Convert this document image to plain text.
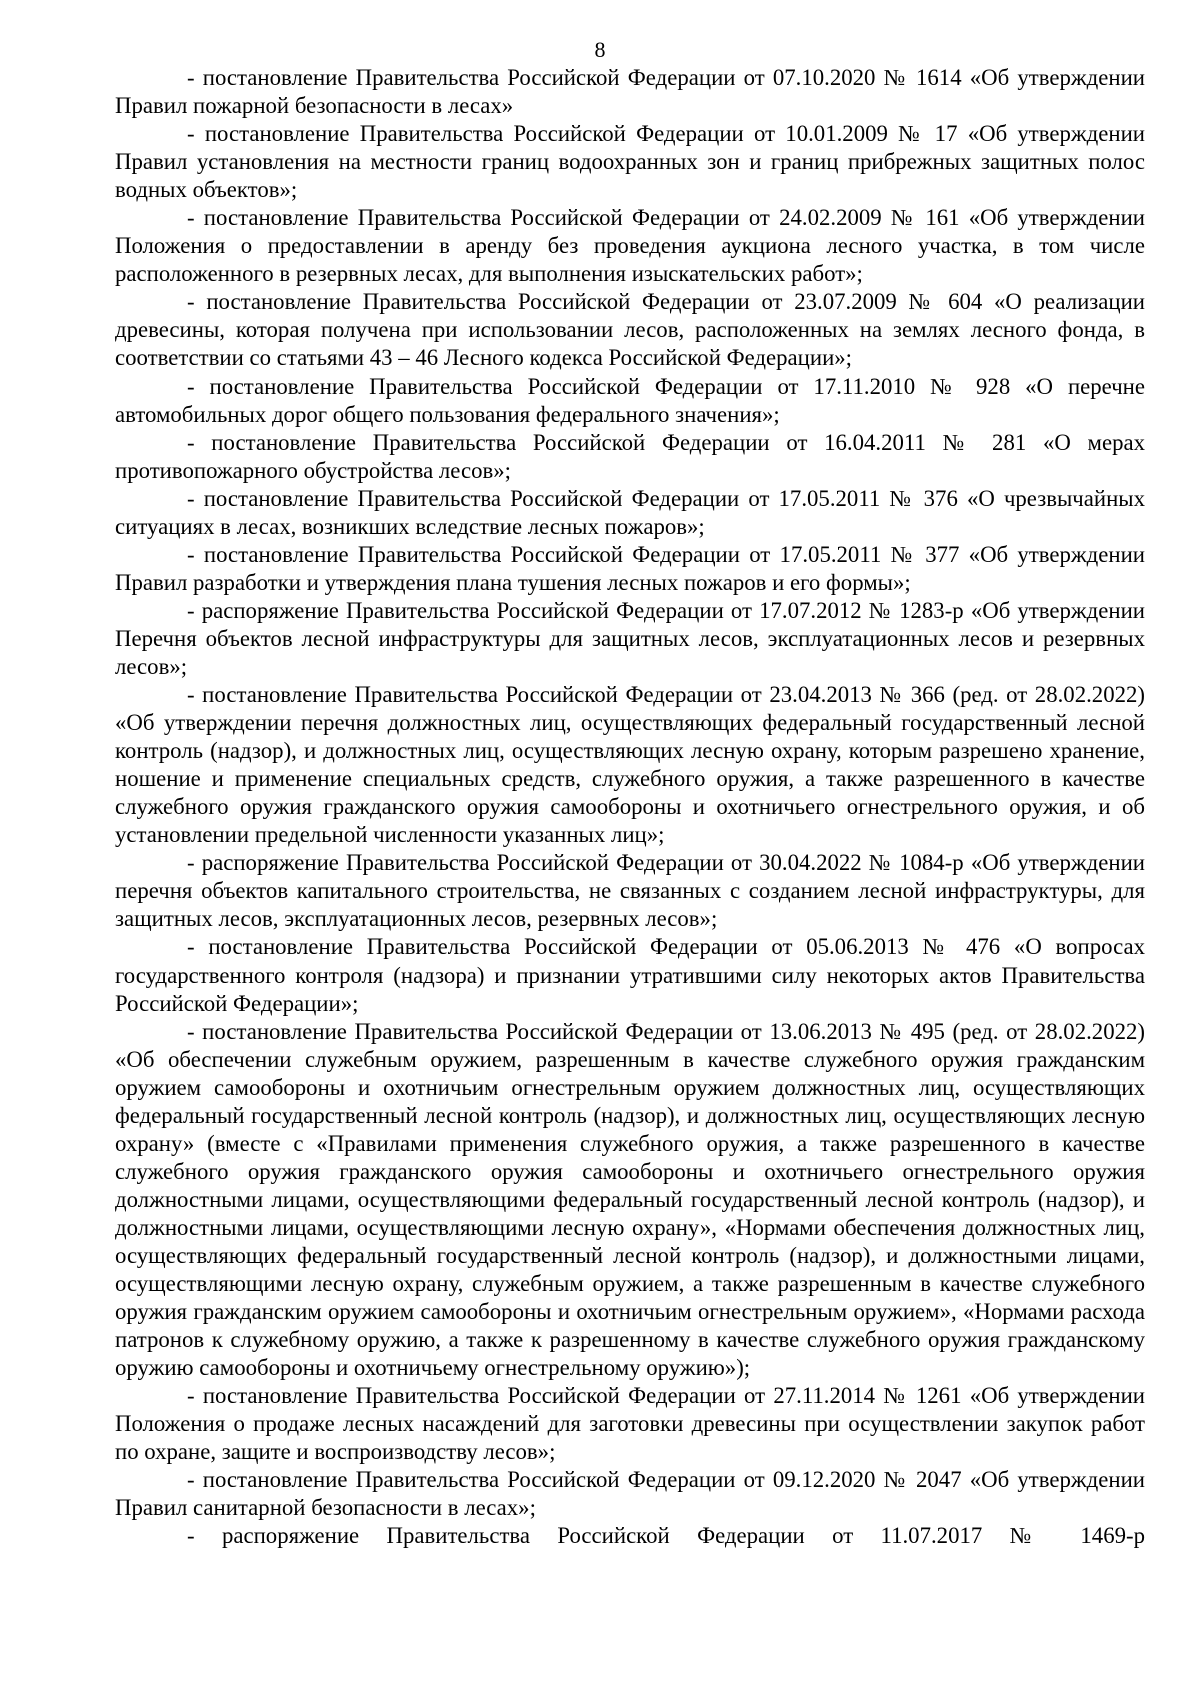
8

- постановление Правительства Российской Федерации от 07.10.2020 № 1614 «Об утверждении Правил пожарной безопасности в лесах»

- постановление Правительства Российской Федерации от 10.01.2009 № 17 «Об утверждении Правил установления на местности границ водоохранных зон и границ прибрежных защитных полос водных объектов»;

- постановление Правительства Российской Федерации от 24.02.2009 № 161 «Об утверждении Положения о предоставлении в аренду без проведения аукциона лесного участка, в том числе расположенного в резервных лесах, для выполнения изыскательских работ»;

- постановление Правительства Российской Федерации от 23.07.2009 № 604 «О реализации древесины, которая получена при использовании лесов, расположенных на землях лесного фонда, в соответствии со статьями 43 – 46 Лесного кодекса Российской Федерации»;

- постановление Правительства Российской Федерации от 17.11.2010 № 928 «О перечне автомобильных дорог общего пользования федерального значения»;

- постановление Правительства Российской Федерации от 16.04.2011 № 281 «О мерах противопожарного обустройства лесов»;

- постановление Правительства Российской Федерации от 17.05.2011 № 376 «О чрезвычайных ситуациях в лесах, возникших вследствие лесных пожаров»;

- постановление Правительства Российской Федерации от 17.05.2011 № 377 «Об утверждении Правил разработки и утверждения плана тушения лесных пожаров и его формы»;

- распоряжение Правительства Российской Федерации от 17.07.2012 № 1283-р «Об утверждении Перечня объектов лесной инфраструктуры для защитных лесов, эксплуатационных лесов и резервных лесов»;

- постановление Правительства Российской Федерации от 23.04.2013 № 366 (ред. от 28.02.2022) «Об утверждении перечня должностных лиц, осуществляющих федеральный государственный лесной контроль (надзор), и должностных лиц, осуществляющих лесную охрану, которым разрешено хранение, ношение и применение специальных средств, служебного оружия, а также разрешенного в качестве служебного оружия гражданского оружия самообороны и охотничьего огнестрельного оружия, и об установлении предельной численности указанных лиц»;

- распоряжение Правительства Российской Федерации от 30.04.2022 № 1084-р «Об утверждении перечня объектов капитального строительства, не связанных с созданием лесной инфраструктуры, для защитных лесов, эксплуатационных лесов, резервных лесов»;

- постановление Правительства Российской Федерации от 05.06.2013 № 476 «О вопросах государственного контроля (надзора) и признании утратившими силу некоторых актов Правительства Российской Федерации»;

- постановление Правительства Российской Федерации от 13.06.2013 № 495 (ред. от 28.02.2022) «Об обеспечении служебным оружием, разрешенным в качестве служебного оружия гражданским оружием самообороны и охотничьим огнестрельным оружием должностных лиц, осуществляющих федеральный государственный лесной контроль (надзор), и должностных лиц, осуществляющих лесную охрану» (вместе с «Правилами применения служебного оружия, а также разрешенного в качестве служебного оружия гражданского оружия самообороны и охотничьего огнестрельного оружия должностными лицами, осуществляющими федеральный государственный лесной контроль (надзор), и должностными лицами, осуществляющими лесную охрану», «Нормами обеспечения должностных лиц, осуществляющих федеральный государственный лесной контроль (надзор), и должностными лицами, осуществляющими лесную охрану, служебным оружием, а также разрешенным в качестве служебного оружия гражданским оружием самообороны и охотничьим огнестрельным оружием», «Нормами расхода патронов к служебному оружию, а также к разрешенному в качестве служебного оружия гражданскому оружию самообороны и охотничьему огнестрельному оружию»);

- постановление Правительства Российской Федерации от 27.11.2014 № 1261 «Об утверждении Положения о продаже лесных насаждений для заготовки древесины при осуществлении закупок работ по охране, защите и воспроизводству лесов»;

- постановление Правительства Российской Федерации от 09.12.2020 № 2047 «Об утверждении Правил санитарной безопасности в лесах»;

- распоряжение Правительства Российской Федерации от 11.07.2017 № 1469-р
